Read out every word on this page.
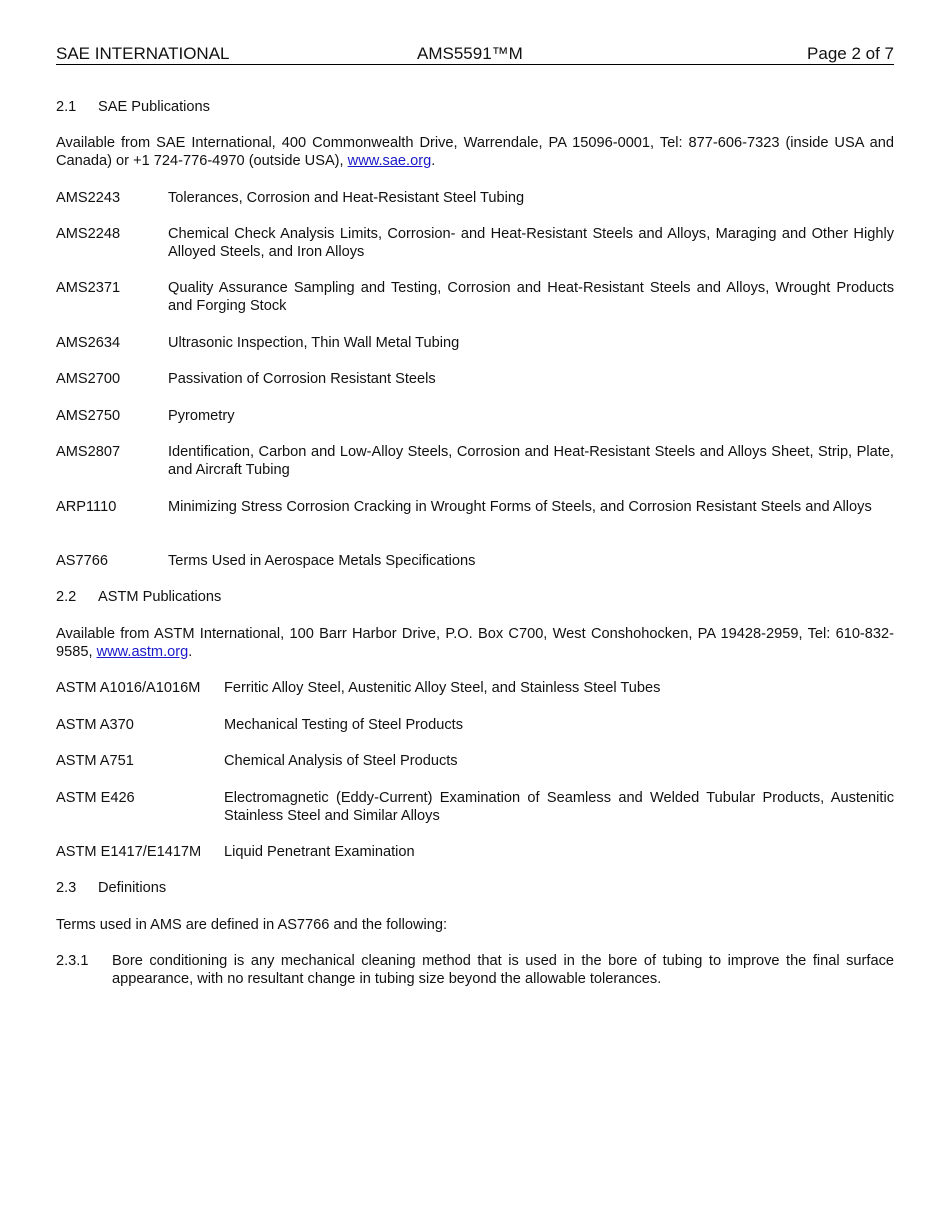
SAE INTERNATIONAL	AMS5591™M	Page 2 of 7
2.1 SAE Publications
Available from SAE International, 400 Commonwealth Drive, Warrendale, PA 15096-0001, Tel: 877-606-7323 (inside USA and Canada) or +1 724-776-4970 (outside USA), www.sae.org.
AMS2243	Tolerances, Corrosion and Heat-Resistant Steel Tubing
AMS2248	Chemical Check Analysis Limits, Corrosion- and Heat-Resistant Steels and Alloys, Maraging and Other Highly Alloyed Steels, and Iron Alloys
AMS2371	Quality Assurance Sampling and Testing, Corrosion and Heat-Resistant Steels and Alloys, Wrought Products and Forging Stock
AMS2634	Ultrasonic Inspection, Thin Wall Metal Tubing
AMS2700	Passivation of Corrosion Resistant Steels
AMS2750	Pyrometry
AMS2807	Identification, Carbon and Low-Alloy Steels, Corrosion and Heat-Resistant Steels and Alloys Sheet, Strip, Plate, and Aircraft Tubing
ARP1110	Minimizing Stress Corrosion Cracking in Wrought Forms of Steels, and Corrosion Resistant Steels and Alloys
AS7766	Terms Used in Aerospace Metals Specifications
2.2 ASTM Publications
Available from ASTM International, 100 Barr Harbor Drive, P.O. Box C700, West Conshohocken, PA 19428-2959, Tel: 610-832-9585, www.astm.org.
ASTM A1016/A1016M Ferritic Alloy Steel, Austenitic Alloy Steel, and Stainless Steel Tubes
ASTM A370	Mechanical Testing of Steel Products
ASTM A751	Chemical Analysis of Steel Products
ASTM E426	Electromagnetic (Eddy-Current) Examination of Seamless and Welded Tubular Products, Austenitic Stainless Steel and Similar Alloys
ASTM E1417/E1417M Liquid Penetrant Examination
2.3 Definitions
Terms used in AMS are defined in AS7766 and the following:
2.3.1 Bore conditioning is any mechanical cleaning method that is used in the bore of tubing to improve the final surface appearance, with no resultant change in tubing size beyond the allowable tolerances.
